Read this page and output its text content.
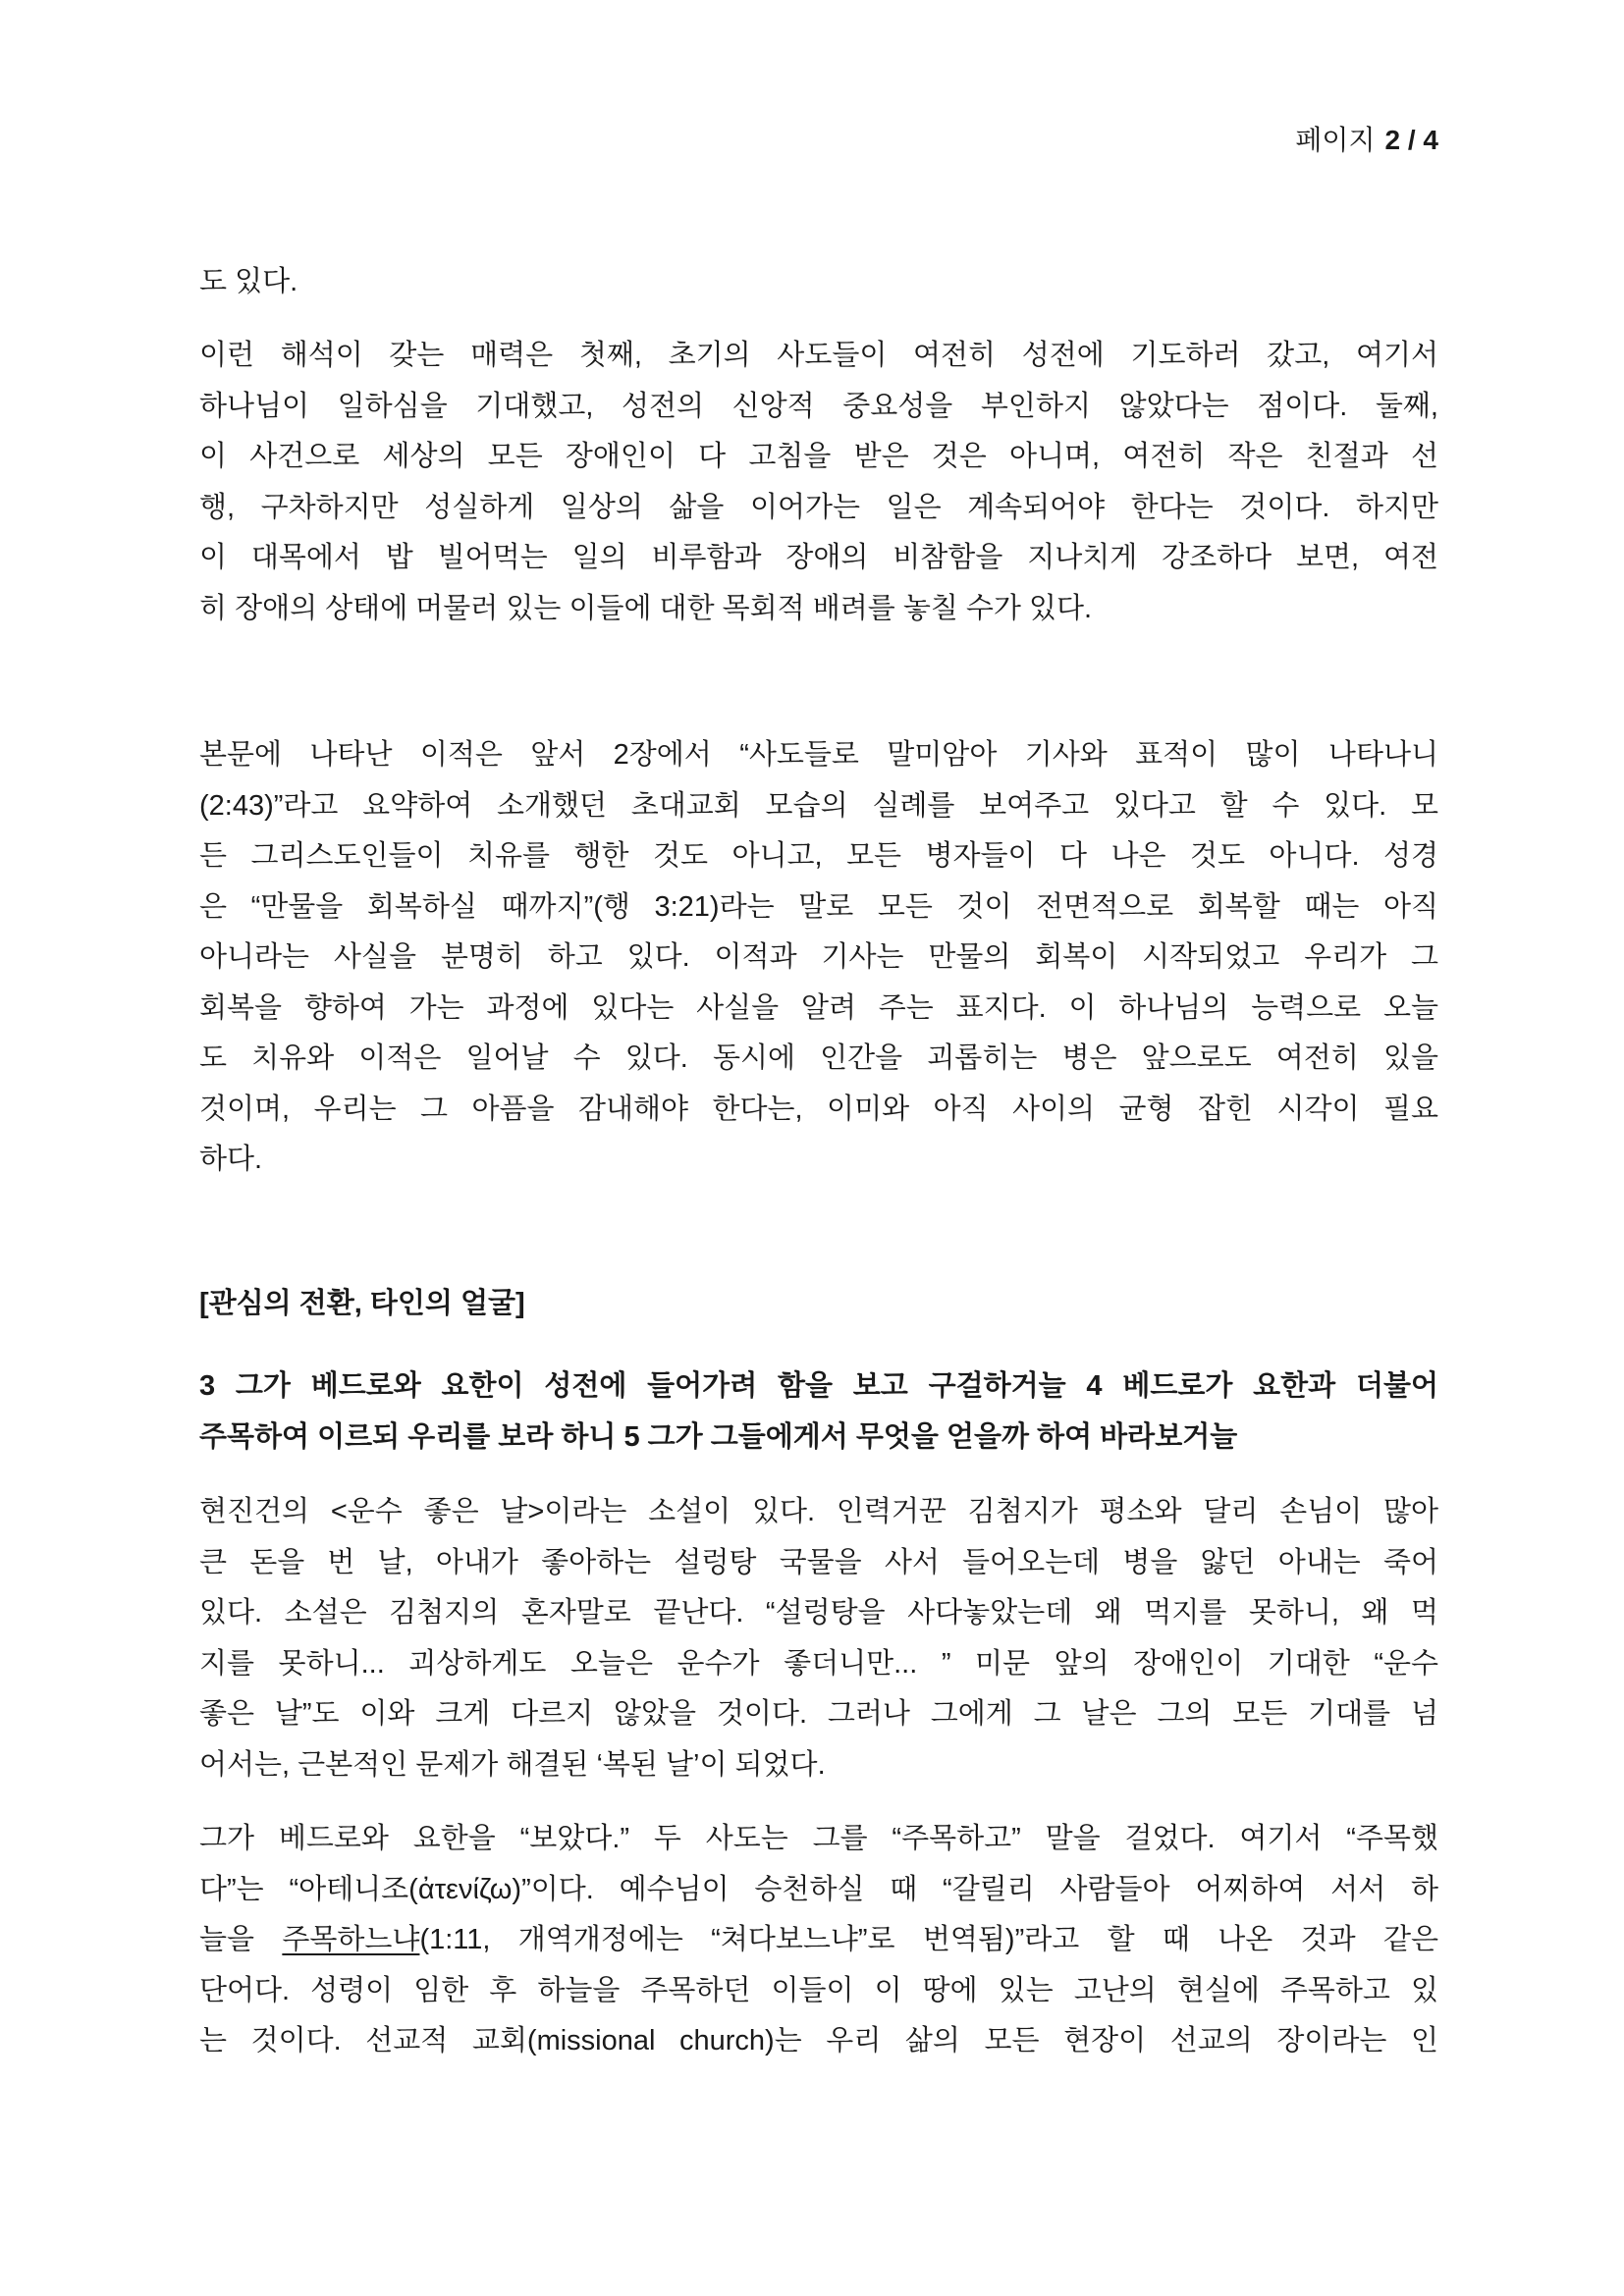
페이지 2 / 4
도 있다.
이런 해석이 갖는 매력은 첫째, 초기의 사도들이 여전히 성전에 기도하러 갔고, 여기서
하나님이 일하심을 기대했고, 성전의 신앙적 중요성을 부인하지 않았다는 점이다. 둘째,
이 사건으로 세상의 모든 장애인이 다 고침을 받은 것은 아니며, 여전히 작은 친절과 선
행, 구차하지만 성실하게 일상의 삶을 이어가는 일은 계속되어야 한다는 것이다. 하지만
이 대목에서 밥 빌어먹는 일의 비루함과 장애의 비참함을 지나치게 강조하다 보면, 여전
히 장애의 상태에 머물러 있는 이들에 대한 목회적 배려를 놓칠 수가 있다.
본문에 나타난 이적은 앞서 2장에서 “사도들로 말미암아 기사와 표적이 많이 나타나니
(2:43)”라고 요약하여 소개했던 초대교회 모습의 실례를 보여주고 있다고 할 수 있다. 모
든 그리스도인들이 치유를 행한 것도 아니고, 모든 병자들이 다 나은 것도 아니다. 성경
은 “만물을 회복하실 때까지”(행 3:21)라는 말로 모든 것이 전면적으로 회복할 때는 아직
아니라는 사실을 분명히 하고 있다. 이적과 기사는 만물의 회복이 시작되었고 우리가 그
회복을 향하여 가는 과정에 있다는 사실을 알려 주는 표지다. 이 하나님의 능력으로 오늘
도 치유와 이적은 일어날 수 있다. 동시에 인간을 괴롭히는 병은 앞으로도 여전히 있을
것이며, 우리는 그 아픔을 감내해야 한다는, 이미와 아직 사이의 균형 잡힌 시각이 필요
하다.
[관심의 전환, 타인의 얼굴]
3 그가 베드로와 요한이 성전에 들어가려 함을 보고 구걸하거늘 4 베드로가 요한과 더불어
주목하여 이르되 우리를 보라 하니 5 그가 그들에게서 무엇을 얻을까 하여 바라보거늘
현진건의 <운수 좋은 날>이라는 소설이 있다. 인력거꾼 김첨지가 평소와 달리 손님이 많아
큰 돈을 번 날, 아내가 좋아하는 설렁탕 국물을 사서 들어오는데 병을 앓던 아내는 죽어
있다. 소설은 김첨지의 혼자말로 끝난다. “설렁탕을 사다놓았는데 왜 먹지를 못하니, 왜 먹
지를 못하니... 괴상하게도 오늘은 운수가 좋더니만... ” 미문 앞의 장애인이 기대한 “운수
좋은 날”도 이와 크게 다르지 않았을 것이다. 그러나 그에게 그 날은 그의 모든 기대를 넘
어서는, 근본적인 문제가 해결된 ‘복된 날’이 되었다.
그가 베드로와 요한을 “보았다.” 두 사도는 그를 “주목하고” 말을 걸었다. 여기서 “주목했
다”는 “아테니조(ἀτενίζω)”이다. 예수님이 승천하실 때 “갈릴리 사람들아 어찌하여 서서 하
늘을 주목하느냐(1:11, 개역개정에는 “쳐다보느냐”로 번역됨)”라고 할 때 나온 것과 같은
단어다. 성령이 임한 후 하늘을 주목하던 이들이 이 땅에 있는 고난의 현실에 주목하고 있
는 것이다. 선교적 교회(missional church)는 우리 삶의 모든 현장이 선교의 장이라는 인
